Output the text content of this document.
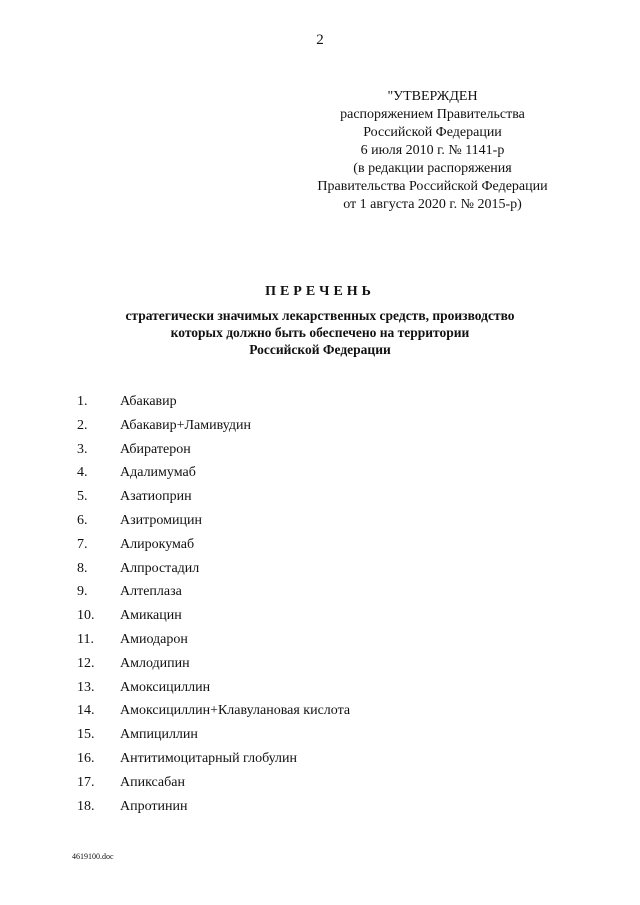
2
"УТВЕРЖДЕН
распоряжением Правительства
Российской Федерации
6 июля 2010 г. № 1141-р
(в редакции распоряжения
Правительства Российской Федерации
от 1 августа 2020 г. № 2015-р)
ПЕРЕЧЕНЬ
стратегически значимых лекарственных средств, производство
которых должно быть обеспечено на территории
Российской Федерации
1. Абакавир
2. Абакавир+Ламивудин
3. Абиратерон
4. Адалимумаб
5. Азатиоприн
6. Азитромицин
7. Алирокумаб
8. Алпростадил
9. Алтеплаза
10. Амикацин
11. Амиодарон
12. Амлодипин
13. Амоксициллин
14. Амоксициллин+Клавулановая кислота
15. Ампициллин
16. Антитимоцитарный глобулин
17. Апиксабан
18. Апротинин
4619100.doc
